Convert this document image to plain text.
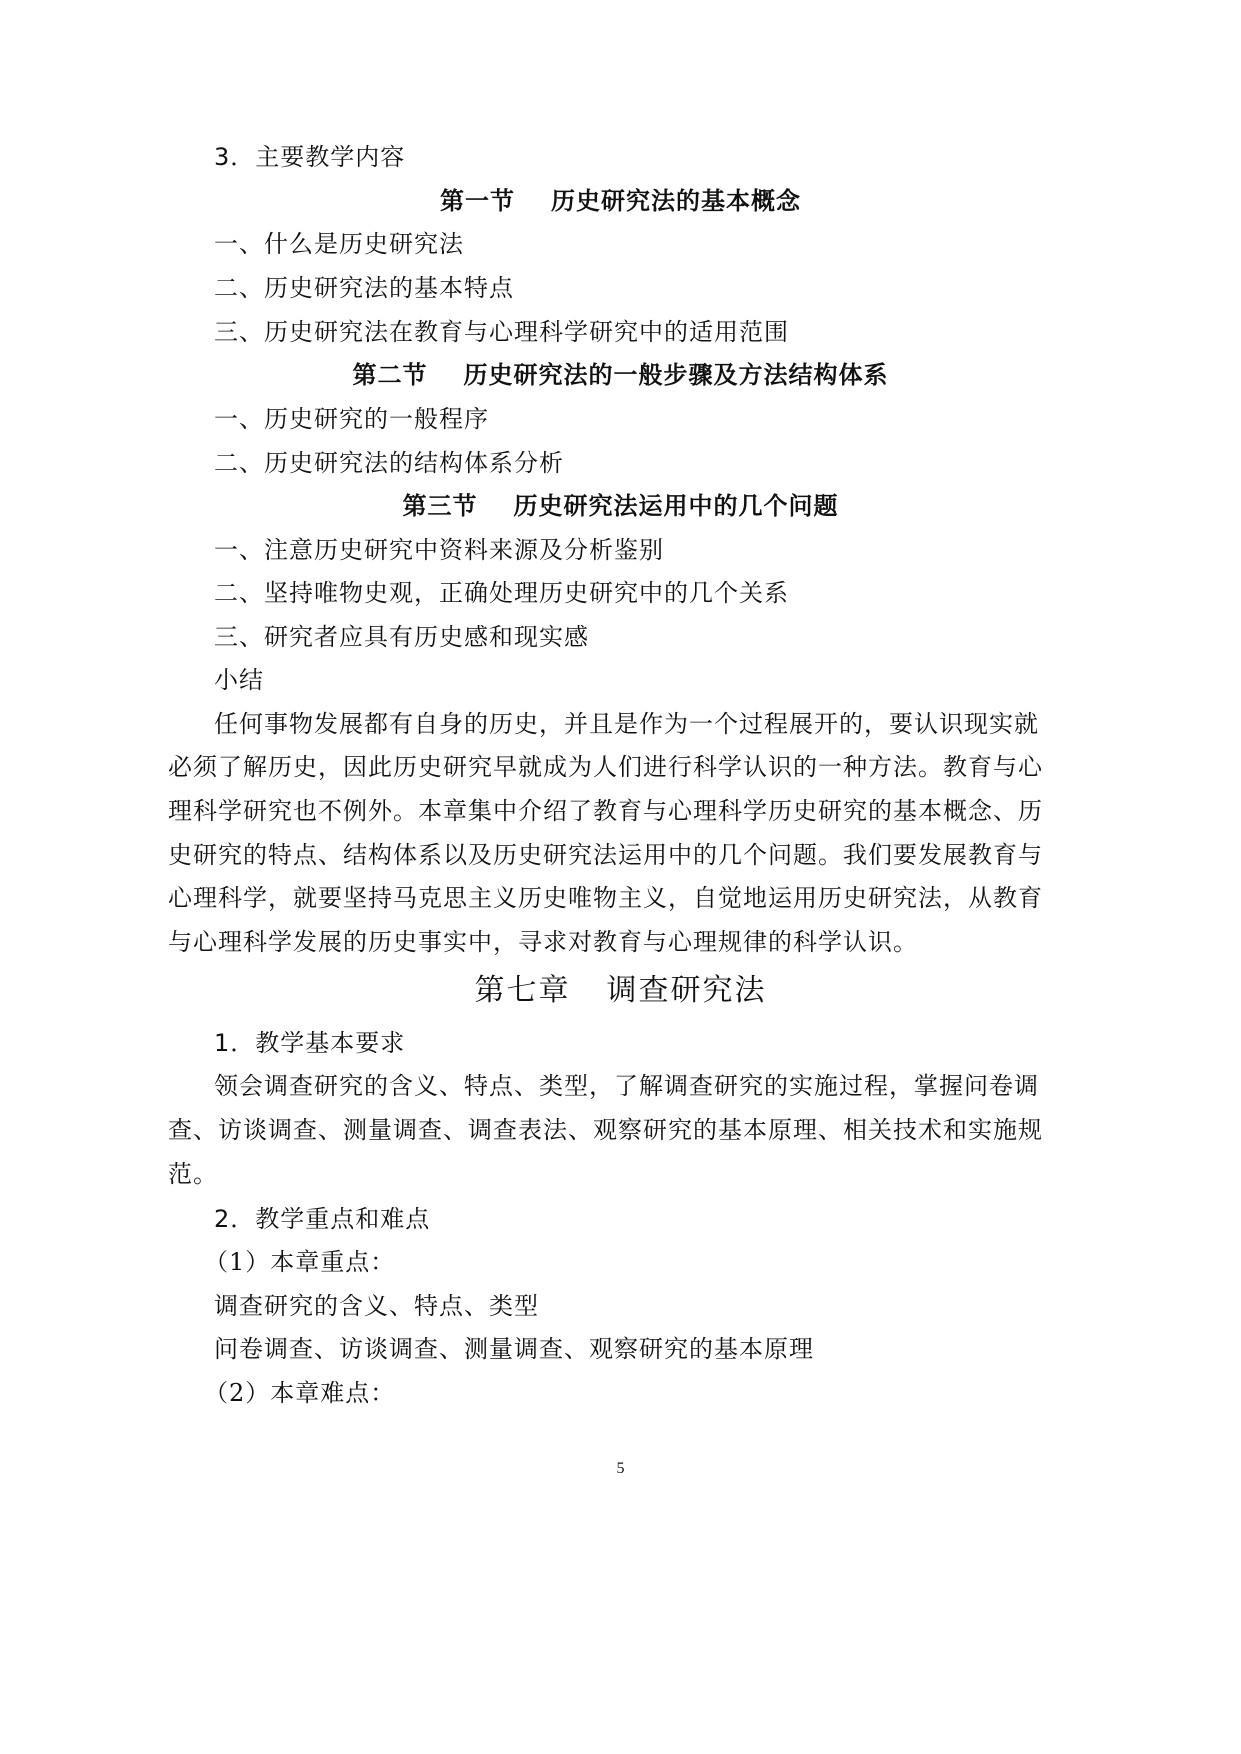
3．主要教学内容
第一节 历史研究法的基本概念
一、什么是历史研究法
二、历史研究法的基本特点
三、历史研究法在教育与心理科学研究中的适用范围
第二节 历史研究法的一般步骤及方法结构体系
一、历史研究的一般程序
二、历史研究法的结构体系分析
第三节 历史研究法运用中的几个问题
一、注意历史研究中资料来源及分析鉴别
二、坚持唯物史观，正确处理历史研究中的几个关系
三、研究者应具有历史感和现实感
小结
任何事物发展都有自身的历史，并且是作为一个过程展开的，要认识现实就
必须了解历史，因此历史研究早就成为人们进行科学认识的一种方法。教育与心
理科学研究也不例外。本章集中介绍了教育与心理科学历史研究的基本概念、历
史研究的特点、结构体系以及历史研究法运用中的几个问题。我们要发展教育与
心理科学，就要坚持马克思主义历史唯物主义，自觉地运用历史研究法，从教育
与心理科学发展的历史事实中，寻求对教育与心理规律的科学认识。
第七章 调查研究法
1．教学基本要求
领会调查研究的含义、特点、类型，了解调查研究的实施过程，掌握问卷调
查、访谈调查、测量调查、调查表法、观察研究的基本原理、相关技术和实施规
范。
2．教学重点和难点
（1）本章重点：
调查研究的含义、特点、类型
问卷调查、访谈调查、测量调查、观察研究的基本原理
（2）本章难点：
5
